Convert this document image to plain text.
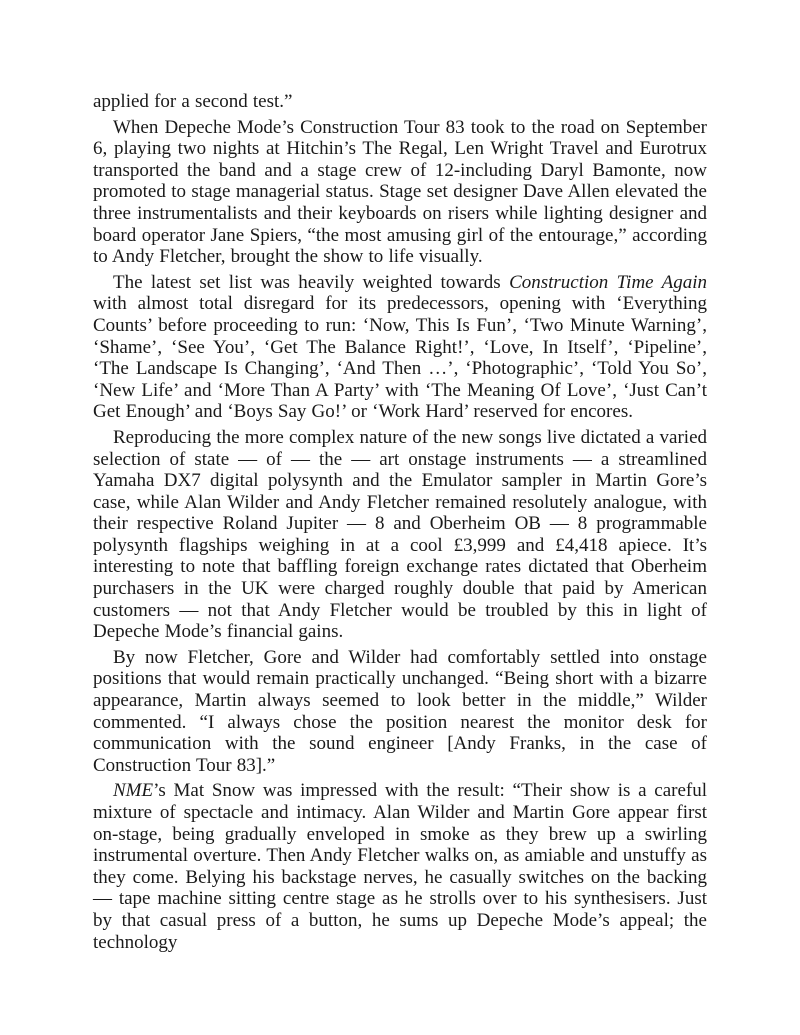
applied for a second test.”

When Depeche Mode’s Construction Tour 83 took to the road on September 6, playing two nights at Hitchin’s The Regal, Len Wright Travel and Eurotrux transported the band and a stage crew of 12-including Daryl Bamonte, now promoted to stage managerial status. Stage set designer Dave Allen elevated the three instrumentalists and their keyboards on risers while lighting designer and board operator Jane Spiers, “the most amusing girl of the entourage,” according to Andy Fletcher, brought the show to life visually.

The latest set list was heavily weighted towards Construction Time Again with almost total disregard for its predecessors, opening with ‘Everything Counts’ before proceeding to run: ‘Now, This Is Fun’, ‘Two Minute Warning’, ‘Shame’, ‘See You’, ‘Get The Balance Right!’, ‘Love, In Itself’, ‘Pipeline’, ‘The Landscape Is Changing’, ‘And Then …’, ‘Photographic’, ‘Told You So’, ‘New Life’ and ‘More Than A Party’ with ‘The Meaning Of Love’, ‘Just Can’t Get Enough’ and ‘Boys Say Go!’ or ‘Work Hard’ reserved for encores.

Reproducing the more complex nature of the new songs live dictated a varied selection of state — of — the — art onstage instruments — a streamlined Yamaha DX7 digital polysynth and the Emulator sampler in Martin Gore’s case, while Alan Wilder and Andy Fletcher remained resolutely analogue, with their respective Roland Jupiter — 8 and Oberheim OB — 8 programmable polysynth flagships weighing in at a cool £3,999 and £4,418 apiece. It’s interesting to note that baffling foreign exchange rates dictated that Oberheim purchasers in the UK were charged roughly double that paid by American customers — not that Andy Fletcher would be troubled by this in light of Depeche Mode’s financial gains.

By now Fletcher, Gore and Wilder had comfortably settled into onstage positions that would remain practically unchanged. “Being short with a bizarre appearance, Martin always seemed to look better in the middle,” Wilder commented. “I always chose the position nearest the monitor desk for communication with the sound engineer [Andy Franks, in the case of Construction Tour 83].”

NME’s Mat Snow was impressed with the result: “Their show is a careful mixture of spectacle and intimacy. Alan Wilder and Martin Gore appear first on-stage, being gradually enveloped in smoke as they brew up a swirling instrumental overture. Then Andy Fletcher walks on, as amiable and unstuffy as they come. Belying his backstage nerves, he casually switches on the backing — tape machine sitting centre stage as he strolls over to his synthesisers. Just by that casual press of a button, he sums up Depeche Mode’s appeal; the technology
